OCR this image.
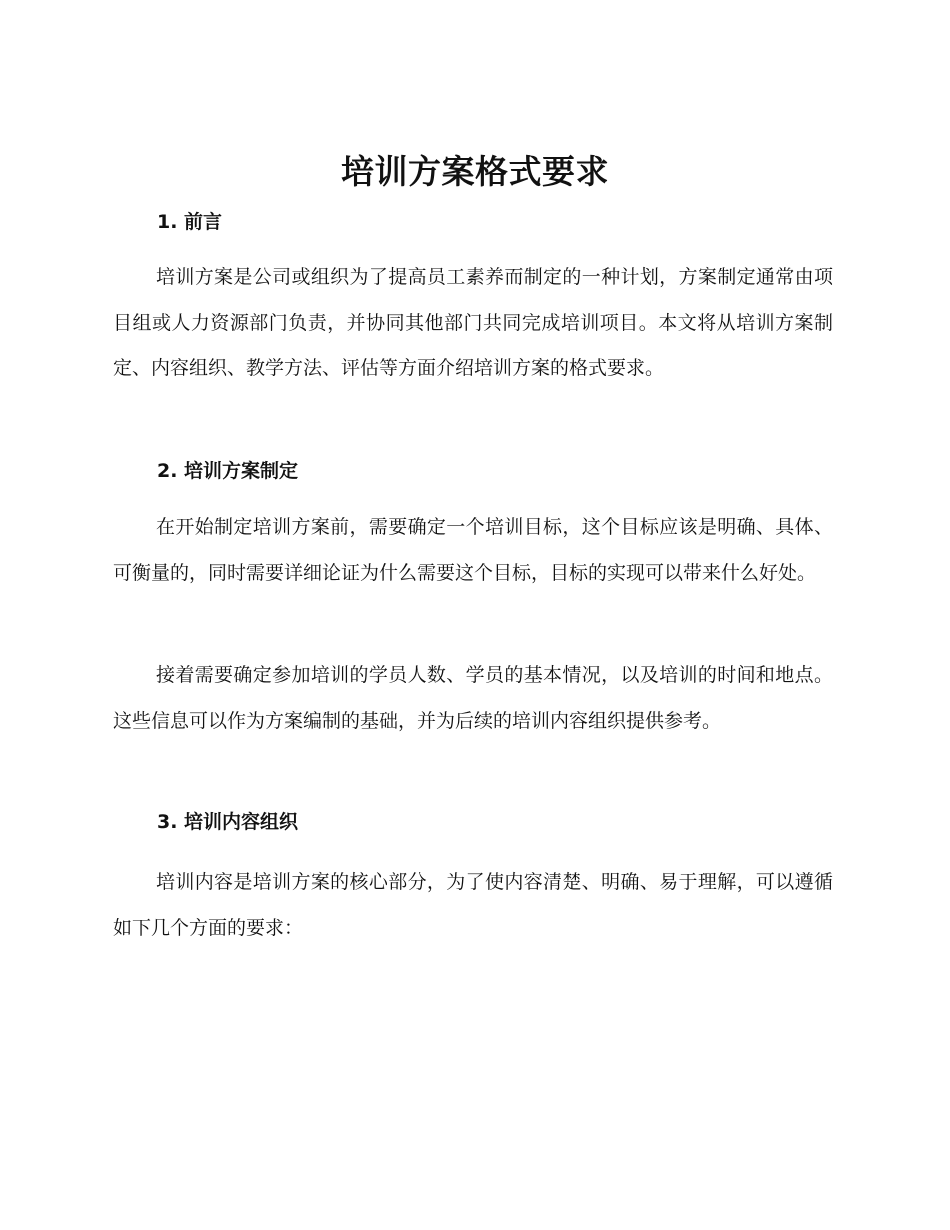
培训方案格式要求
1. 前言

培训方案是公司或组织为了提高员工素养而制定的一种计划，方案制定通常由项目组或人力资源部门负责，并协同其他部门共同完成培训项目。本文将从培训方案制定、内容组织、教学方法、评估等方面介绍培训方案的格式要求。

2. 培训方案制定

在开始制定培训方案前，需要确定一个培训目标，这个目标应该是明确、具体、可衡量的，同时需要详细论证为什么需要这个目标，目标的实现可以带来什么好处。

接着需要确定参加培训的学员人数、学员的基本情况，以及培训的时间和地点。这些信息可以作为方案编制的基础，并为后续的培训内容组织提供参考。

3. 培训内容组织

培训内容是培训方案的核心部分，为了使内容清楚、明确、易于理解，可以遵循如下几个方面的要求：
